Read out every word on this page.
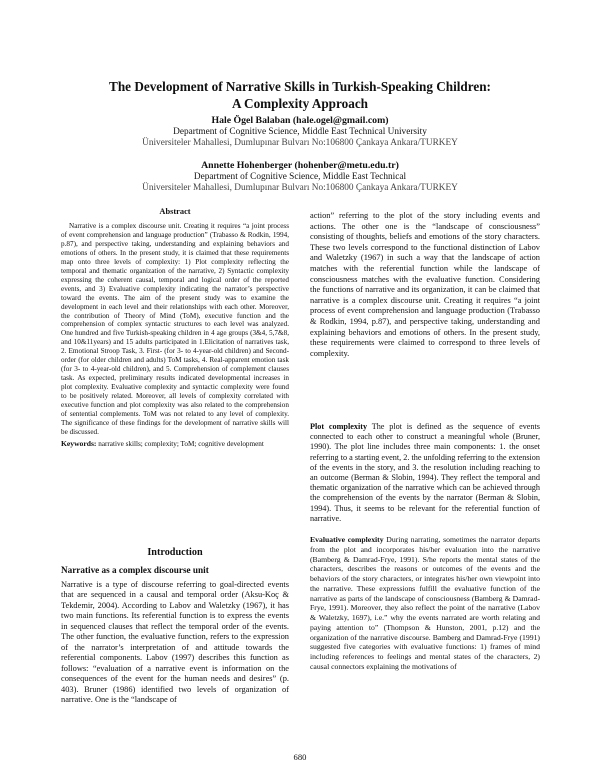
The Development of Narrative Skills in Turkish-Speaking Children:
A Complexity Approach
Hale Ögel Balaban (hale.ogel@gmail.com)
Department of Cognitive Science, Middle East Technical University
Üniversiteler Mahallesi, Dumlupınar Bulvarı No:106800 Çankaya Ankara/TURKEY
Annette Hohenberger (hohenber@metu.edu.tr)
Department of Cognitive Science, Middle East Technical
Üniversiteler Mahallesi, Dumlupınar Bulvarı No:106800 Çankaya Ankara/TURKEY

Abstract

Narrative is a complex discourse unit. Creating it requires “a joint process of event comprehension and language production” (Trabasso & Rodkin, 1994, p.87), and perspective taking, understanding and explaining behaviors and emotions of others. In the present study, it is claimed that these requirements map onto three levels of complexity: 1) Plot complexity reflecting the temporal and thematic organization of the narrative, 2) Syntactic complexity expressing the coherent causal, temporal and logical order of the reported events, and 3) Evaluative complexity indicating the narrator’s perspective toward the events. The aim of the present study was to examine the development in each level and their relationships with each other. Moreover, the contribution of Theory of Mind (ToM), executive function and the comprehension of complex syntactic structures to each level was analyzed. One hundred and five Turkish-speaking children in 4 age groups (3&4, 5,7&8, and 10&11years) and 15 adults participated in 1.Elicitation of narratives task, 2. Emotional Stroop Task, 3. First- (for 3- to 4-year-old children) and Second-order (for older children and adults) ToM tasks, 4. Real-apparent emotion task (for 3- to 4-year-old children), and 5. Comprehension of complement clauses task. As expected, preliminary results indicated developmental increases in plot complexity. Evaluative complexity and syntactic complexity were found to be positively related. Moreover, all levels of complexity correlated with executive function and plot complexity was also related to the comprehension of sentential complements. ToM was not related to any level of complexity. The significance of these findings for the development of narrative skills will be discussed.

Keywords: narrative skills; complexity; ToM; cognitive development

Introduction

Narrative as a complex discourse unit

Narrative is a type of discourse referring to goal-directed events that are sequenced in a causal and temporal order (Aksu-Koç & Tekdemir, 2004). According to Labov and Waletzky (1967), it has two main functions. Its referential function is to express the events in sequenced clauses that reflect the temporal order of the events. The other function, the evaluative function, refers to the expression of the narrator’s interpretation of and attitude towards the referential components. Labov (1997) describes this function as follows: “evaluation of a narrative event is information on the consequences of the event for the human needs and desires” (p. 403). Bruner (1986) identified two levels of organization of narrative. One is the “landscape of

action” referring to the plot of the story including events and actions. The other one is the “landscape of consciousness” consisting of thoughts, beliefs and emotions of the story characters. These two levels correspond to the functional distinction of Labov and Waletzky (1967) in such a way that the landscape of action matches with the referential function while the landscape of consciousness matches with the evaluative function. Considering the functions of narrative and its organization, it can be claimed that narrative is a complex discourse unit. Creating it requires “a joint process of event comprehension and language production (Trabasso & Rodkin, 1994, p.87), and perspective taking, understanding and explaining behaviors and emotions of others. In the present study, these requirements were claimed to correspond to three levels of complexity.

Plot complexity The plot is defined as the sequence of events connected to each other to construct a meaningful whole (Bruner, 1990). The plot line includes three main components: 1. the onset referring to a starting event, 2. the unfolding referring to the extension of the events in the story, and 3. the resolution including reaching to an outcome (Berman & Slobin, 1994). They reflect the temporal and thematic organization of the narrative which can be achieved through the comprehension of the events by the narrator (Berman & Slobin, 1994). Thus, it seems to be relevant for the referential function of narrative.

Evaluative complexity During narrating, sometimes the narrator departs from the plot and incorporates his/her evaluation into the narrative (Bamberg & Damrad-Frye, 1991). S/he reports the mental states of the characters, describes the reasons or outcomes of the events and the behaviors of the story characters, or integrates his/her own viewpoint into the narrative. These expressions fulfill the evaluative function of the narrative as parts of the landscape of consciousness (Bamberg & Damrad-Frye, 1991). Moreover, they also reflect the point of the narrative (Labov & Waletzky, 1697), i.e.” why the events narrated are worth relating and paying attention to” (Thompson & Hunston, 2001, p.12) and the organization of the narrative discourse. Bamberg and Damrad-Frye (1991) suggested five categories with evaluative functions: 1) frames of mind including references to feelings and mental states of the characters, 2) causal connectors explaining the motivations of

680
